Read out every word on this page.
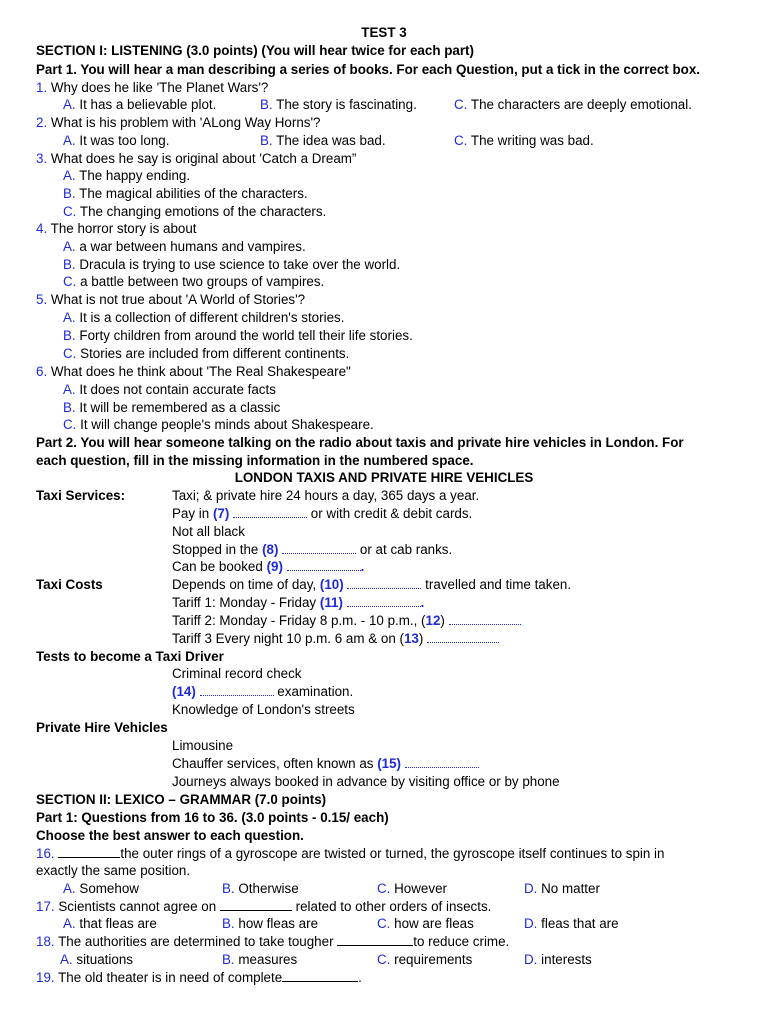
TEST 3
SECTION I: LISTENING (3.0 points) (You will hear twice for each part)
Part 1. You will hear a man describing a series of books. For each Question, put a tick in the correct box.
1. Why does he like 'The Planet Wars'?
A. It has a believable plot.	B. The story is fascinating.	C. The characters are deeply emotional.
2. What is his problem with 'ALong Way Horns'?
A. It was too long.	B. The idea was bad.	C. The writing was bad.
3. What does he say is original about 'Catch a Dream”
A. The happy ending.
B. The magical abilities of the characters.
C. The changing emotions of the characters.
4. The horror story is about
A. a war between humans and vampires.
B. Dracula is trying to use science to take over the world.
C. a battle between two groups of vampires.
5. What is not true about 'A World of Stories'?
A. It is a collection of different children's stories.
B. Forty children from around the world tell their life stories.
C. Stories are included from different continents.
6. What does he think about 'The Real Shakespeare"
A. It does not contain accurate facts
B. It will be remembered as a classic
C. It will change people's minds about Shakespeare.
Part 2. You will hear someone talking on the radio about taxis and private hire vehicles in London. For
each question, fill in the missing information in the numbered space.
LONDON TAXIS AND PRIVATE HIRE VEHICLES
Taxi Services:	Taxi; & private hire 24 hours a day, 365 days a year.
Pay in (7)	or with credit & debit cards.
Not all black
Stopped in the (8)	or at cab ranks.
Can be booked (9)	.
Taxi Costs	Depends on time of day, (10)	travelled and time taken.
Tariff 1: Monday - Friday (11)	.
Tariff 2: Monday - Friday 8 p.m. - 10 p.m., (12)
Tariff 3 Every night 10 p.m. 6 am & on (13)
Tests to become a Taxi Driver
Criminal record check
(14)	examination.
Knowledge of London's streets
Private Hire Vehicles
Limousine
Chauffer services, often known as (15)
Journeys always booked in advance by visiting office or by phone
SECTION II: LEXICO – GRAMMAR (7.0 points)
Part 1: Questions from 16 to 36. (3.0 points - 0.15/ each)
Choose the best answer to each question.
16.	the outer rings of a gyroscope are twisted or turned, the gyroscope itself continues to spin in
exactly the same position.
A. Somehow	B. Otherwise	C. However	D. No matter
17. Scientists cannot agree on	related to other orders of insects.
A. that fleas are	B. how fleas are	C. how are fleas	D. fleas that are
18. The authorities are determined to take tougher	to reduce crime.
A. situations	B. measures	C. requirements	D. interests
19. The old theater is in need of complete	.
